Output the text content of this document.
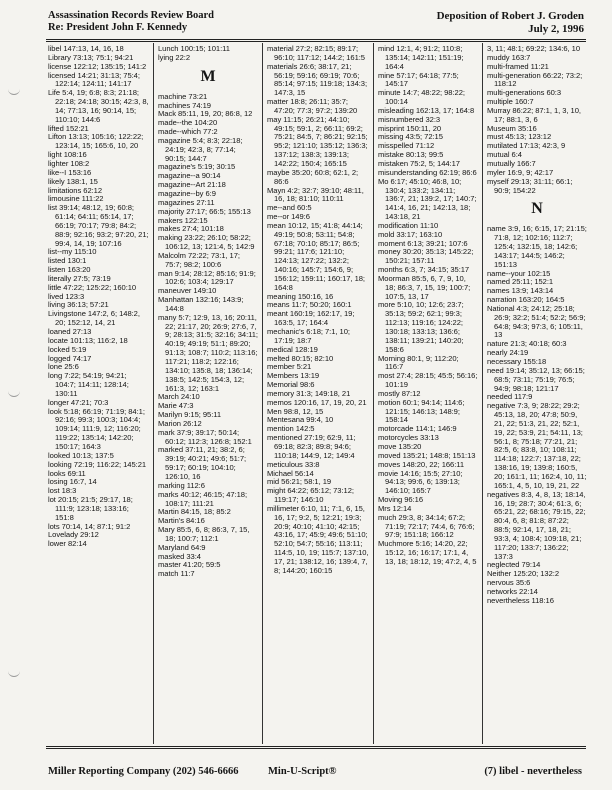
Assassination Records Review Board
Re: President John F. Kennedy
Deposition of Robert J. Groden
July 2, 1996
libel 147:13, 14, 16, 18
Library 73:13; 75:1; 94:21
license 122:12; 135:15; 141:2
licensed 14:21; 31:13; 75:4; 122:14; 124:11; 141:17
Life 5:4, 19; 6:8; 8:3; 21:18; 22:18; 24:18; 30:15; 42:3, 8, 14; 77:13, 16; 90:14, 15; 110:10; 144:6
lifted 152:21
Lifton 13:13; 105:16; 122:22; 123:14, 15; 165:6, 10, 20
light 108:16
lighter 108:2
like--I 153:16
likely 138:1, 15
limitations 62:12
limousine 111:22
list 39:14; 48:12, 19; 60:8; 61:14; 64:11; 65:14, 17; 66:19; 70:17; 79:8; 84:2; 88:9; 92:16; 93:2; 97:20, 21; 99:4, 14, 19; 107:16
list--my 115:10
listed 130:1
listen 163:20
literally 27:5; 73:19
little 47:22; 125:22; 160:10
lived 123:3
living 36:13; 57:21
Livingstone 147:2, 6; 148:2, 20; 152:12, 14, 21
loaned 27:13
locate 101:13; 116:2, 18
locked 5:19
logged 74:17
lone 25:6
long 7:22; 54:19; 94:21; 104:7; 114:11; 128:14; 130:11
longer 47:21; 70:3
look 5:18; 66:19; 71:19; 84:1; 92:16; 99:3; 100:3; 104:4; 109:14; 111:9, 12; 116:20; 119:22; 135:14; 142:20; 150:17; 164:3
looked 10:13; 137:5
looking 72:19; 116:22; 145:21
looks 69:11
losing 16:7, 14
lost 18:3
lot 20:15; 21:5; 29:17, 18; 111:9; 123:18; 133:16; 151:8
lots 70:14, 14; 87:1; 91:2
Lovelady 29:12
lower 82:14
Lunch 100:15; 101:11
lying 22:2
M
machine 73:21
machines 74:19
Mack 85:11, 19, 20; 86:8, 12
made--the 104:20
made--which 77:2
magazine 5:4; 8:3; 22:18; 24:19; 42:3, 8; 77:14; 90:15; 144:7
magazine's 5:19; 30:15
magazine--a 90:14
magazine--Art 21:18
magazine--by 6:9
magazines 27:11
majority 27:17; 66:5; 155:13
makers 122:15
makes 27:4; 101:18
making 23:22; 26:10; 58:22; 106:12, 13; 121:4, 5; 142:9
Malcolm 72:22; 73:1, 17; 75:7; 98:2; 100:6
man 9:14; 28:12; 85:16; 91:9; 102:6; 103:4; 129:17
maneuver 149:10
Manhattan 132:16; 143:9; 144:8
many 5:7; 12:9, 13, 16; 20:11, 22; 21:17, 20; 26:9; 27:6, 7, 9; 28:13; 31:5; 32:16; 34:11; 40:19; 49:19; 51:1; 89:20; 91:13; 108:7; 110:2; 113:16; 117:21; 118:2; 122:16; 134:10; 135:8, 18; 136:14; 138:5; 142:5; 154:3, 12; 161:3, 12; 163:1
March 24:10
Marie 47:3
Marilyn 9:15; 95:11
Marion 26:12
mark 37:9; 39:17; 50:14; 60:12; 112:3; 126:8; 152:1
marked 37:11, 21; 38:2, 6; 39:19; 40:21; 49:6; 51:7; 59:17; 60:19; 104:10; 126:10, 16
marking 112:6
marks 40:12; 46:15; 47:18; 108:17; 111:21
Martin 84:15, 18; 85:2
Martin's 84:16
Mary 85:5, 6, 8; 86:3, 7, 15, 18; 100:7; 112:1
Maryland 64:9
masked 33:4
master 41:20; 59:5
match 11:7
material 27:2; 82:15; 89:17; 96:10; 117:12; 144:2; 161:5
materials 26:6; 38:17, 21; 56:19; 59:16; 69:19; 70:6; 85:14; 97:15; 119:18; 134:3; 147:3, 15
matter 18:8; 26:11; 35:7; 47:20; 77:3; 97:2; 139:20
may 11:15; 26:21; 44:10; 49:15; 59:1, 2; 66:11; 69:2; 75:21; 84:5, 7; 86:21; 92:15; 95:2; 121:10; 135:12; 136:3; 137:12; 138:3; 139:13; 142:22; 150:4; 165:15
maybe 35:20; 60:8; 62:1, 2; 86:6
Mayn 4:2; 32:7; 39:10; 48:11, 16, 18; 81:10; 110:11
me--and 60:5
me--or 149:6
mean 10:12, 15; 41:8; 44:14; 49:19; 50:8; 53:11; 54:8; 67:18; 70:10; 85:17; 86:5; 99:21; 117:6; 121:10; 124:13; 127:22; 132:2; 140:16; 145:7; 154:6, 9; 156:12; 159:11; 160:17, 18; 164:8
meaning 150:16, 16
means 11:7; 50:20; 160:1
meant 160:19; 162:17, 19; 163:5, 17; 164:4
mechanic's 6:18; 7:1, 10; 17:19; 18:7
medical 128:19
melted 80:15; 82:10
member 5:21
Members 13:19
Memorial 98:6
memory 31:3; 149:18, 21
memos 120:16, 17, 19, 20, 21
Men 98:8, 12, 15
Mentesana 99:4, 10
mention 142:5
mentioned 27:19; 62:9, 11; 69:18; 82:3; 89:8; 94:6; 110:18; 144:9, 12; 149:4
meticulous 33:8
Michael 56:14
mid 56:21; 58:1, 19
might 64:22; 65:12; 73:12; 119:17; 146:10
millimeter 6:10, 11; 7:1, 6, 15, 16, 17; 9:2, 5; 12:21; 19:3; 20:9; 40:10; 41:10; 42:15; 43:16, 17; 45:9; 49:6; 51:10; 52:10; 54:7; 55:16; 113:11; 114:5, 10, 19; 115:7; 137:10, 17, 21; 138:12, 16; 139:4, 7, 8; 144:20; 160:15
mind 12:1, 4; 91:2; 110:8; 135:14; 142:11; 151:19; 164:4
mine 57:17; 64:18; 77:5; 145:17
minute 14:7; 48:22; 98:22; 100:14
misleading 162:13, 17; 164:8
misnumbered 32:3
misprint 150:11, 20
missing 43:5; 72:15
misspelled 71:12
mistake 80:13; 99:5
mistaken 75:2, 5; 144:17
misunderstanding 62:19; 86:6
Mo 6:17; 45:10; 46:8, 10; 130:4; 133:2; 134:11; 136:7, 21; 139:2, 17; 140:7; 141:4, 16, 21; 142:13, 18; 143:18, 21
modification 11:10
mold 33:17; 163:10
moment 6:13; 39:21; 107:6
money 30:20; 35:13; 145:22; 150:21; 157:11
months 6:3, 7; 34:15; 35:17
Moorman 85:5, 6, 7, 9, 10, 18; 86:3, 7, 15, 19; 100:7; 107:5, 13, 17
more 5:10, 10; 12:6; 23:7; 35:13; 59:2; 62:1; 99:3; 112:13; 119:16; 124:22; 130:18; 133:13; 136:6; 138:11; 139:21; 140:20; 158:6
Morning 80:1, 9; 112:20; 116:7
most 27:4; 28:15; 45:5; 56:16; 101:19
mostly 87:12
motion 60:1; 94:14; 114:6; 121:15; 146:13; 148:9; 158:14
motorcade 114:1; 146:9
motorcycles 33:13
move 135:20
moved 135:21; 148:8; 151:13
moves 148:20, 22; 166:11
movie 14:16; 15:5; 27:10; 94:13; 99:6, 6; 139:13; 146:10; 165:7
Moving 96:16
Mrs 12:14
much 29:3, 8; 34:14; 67:2; 71:19; 72:17; 74:4, 6; 76:6; 97:9; 151:18; 166:12
Muchmore 5:16; 14:20, 22; 15:12, 16; 16:17; 17:1, 4, 13, 18; 18:12, 19; 47:2, 4, 5
3, 11; 48:1; 69:22; 134:6, 10
muddy 163:7
multi-framed 11:21
multi-generation 66:22; 73:2; 118:12
multi-generations 60:3
multiple 160:7
Murray 86:22; 87:1, 1, 3, 10, 17; 88:1, 3, 6
Museum 35:16
must 45:13; 123:12
mutilated 17:13; 42:3, 9
mutual 6:4
mutually 166:7
myler 16:9, 9; 42:17
myself 29:13; 31:11; 66:1; 90:9; 154:22
N
name 3:9, 16; 6:15, 17; 21:15; 71:8, 12; 102:16; 112:7; 125:4; 132:15, 18; 142:6; 143:17; 144:5; 146:2; 151:13
name--your 102:15
named 25:11; 152:1
names 13:9; 143:14
narration 163:20; 164:5
National 4:3; 24:12; 25:18; 26:9; 32:2; 51:4; 52:2; 56:9; 64:8; 94:3; 97:3, 6; 105:11, 13
nature 21:3; 40:18; 60:3
nearly 24:19
necessary 155:18
need 19:14; 35:12, 13; 66:15; 68:5; 73:11; 75:19; 76:5; 94:9; 98:18; 121:17
needed 117:9
negative 7:3, 9; 28:22; 29:2; 45:13, 18, 20; 47:8; 50:9, 21, 22; 51:3, 21, 22; 52:1, 19, 22; 53:9, 21; 54:11, 13; 56:1, 8; 75:18; 77:21, 21; 82:5, 6; 83:8, 10; 108:11; 114:18; 122:7; 137:18, 22; 138:16, 19; 139:8; 160:5, 20; 161:1, 11; 162:4, 10, 11; 165:1, 4, 5, 10, 19, 21, 22
negatives 8:3, 4, 8, 13; 18:14, 16, 19; 28:7; 30:4; 61:3, 6; 65:21, 22; 68:16; 79:15, 22; 80:4, 6, 8; 81:8; 87:22; 88:5; 92:14, 17, 18, 21; 93:3, 4; 108:4; 109:18, 21; 117:20; 133:7; 136:22; 137:3
neglected 79:14
Neither 125:20; 132:2
nervous 35:6
networks 22:14
nevertheless 118:16
Miller Reporting Company (202) 546-6666	Min-U-Script®	(7) libel - nevertheless
